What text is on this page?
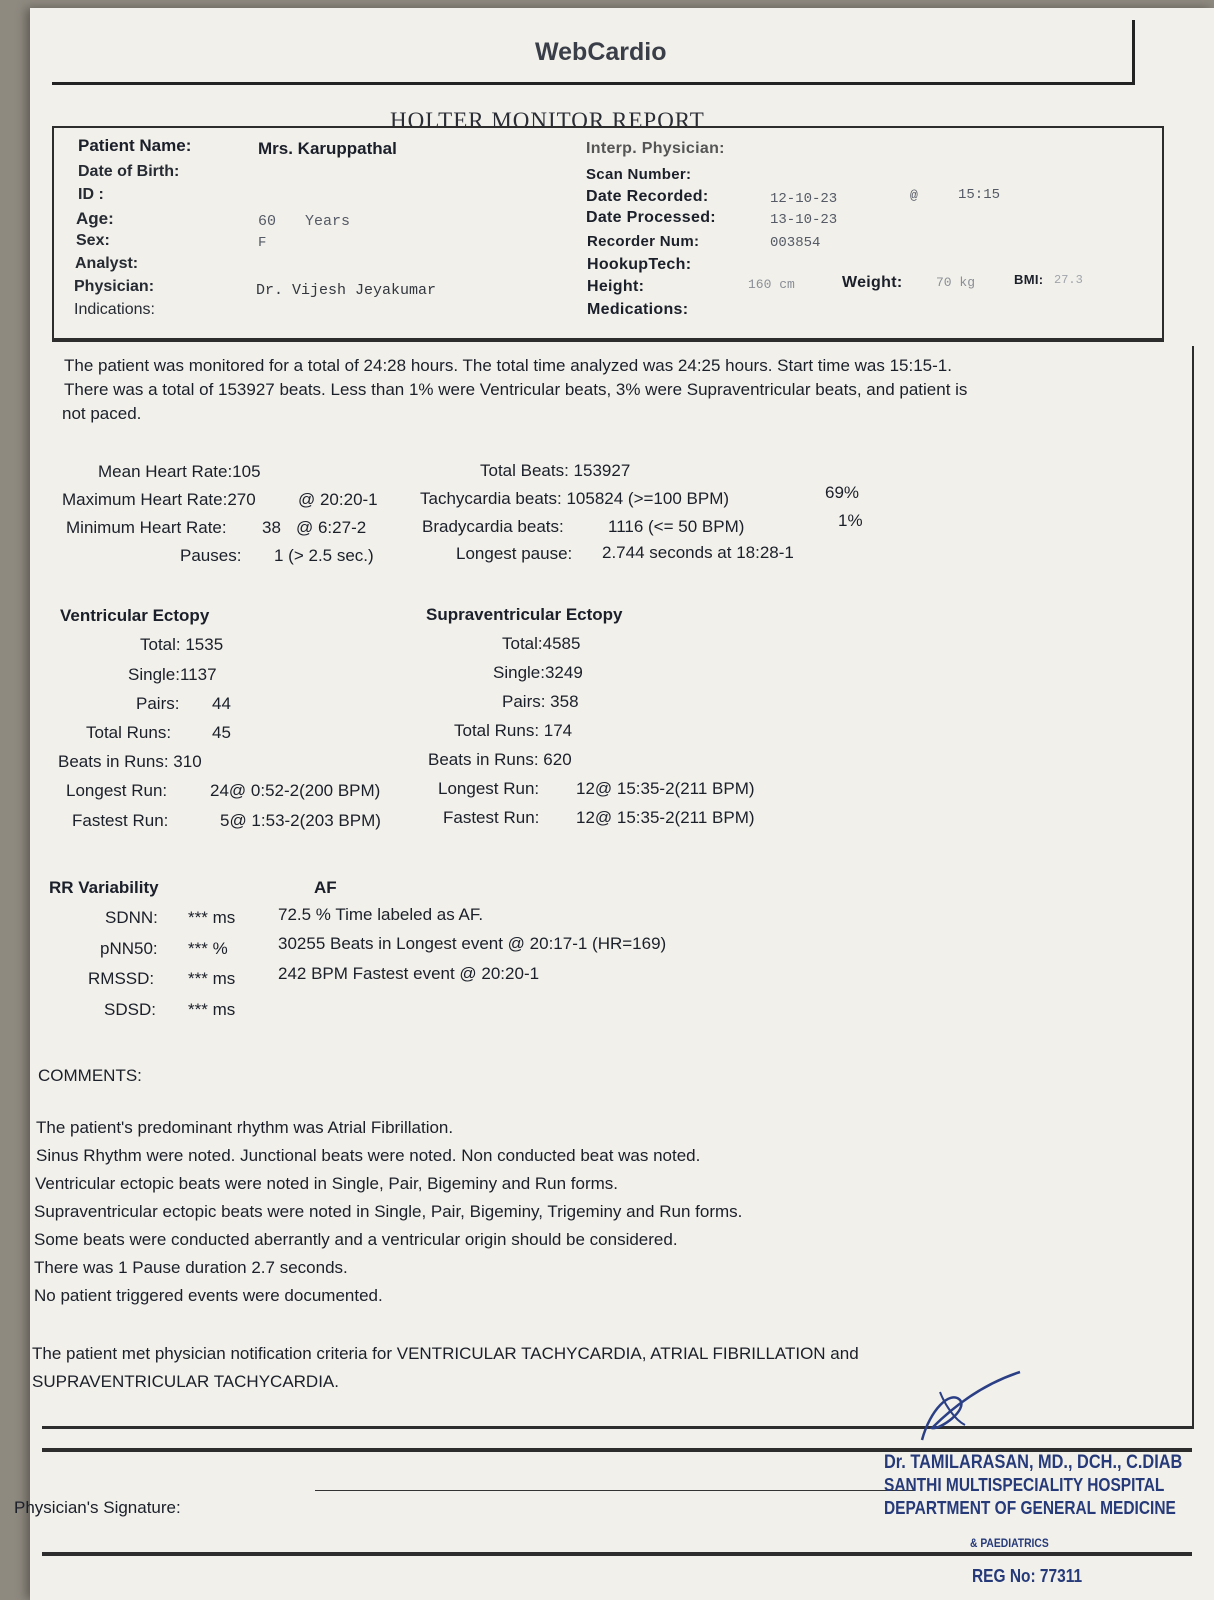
WebCardio
HOLTER MONITOR REPORT
Patient Name:	Mrs. Karuppathal
Date of Birth:
ID :
Age:	60 Years
Sex:	F
Analyst:
Physician:	Dr. Vijesh Jeyakumar
Indications:
Interp. Physician:
Scan Number:
Date Recorded:	12-10-23	@	15:15
Date Processed:	13-10-23
Recorder Num:	003854
HookupTech:
Height:	160 cm	Weight:	70 kg	BMI: 27.3
Medications:
The patient was monitored for a total of 24:28 hours. The total time analyzed was 24:25 hours. Start time was 15:15-1.
There was a total of 153927 beats. Less than 1% were Ventricular beats, 3% were Supraventricular beats, and patient is
not paced.
Mean Heart Rate:105
Maximum Heart Rate:270 @ 20:20-1
Minimum Heart Rate: 38 @ 6:27-2
Pauses: 1 (> 2.5 sec.)
Total Beats: 153927
Tachycardia beats: 105824 (>=100 BPM)	69%
Bradycardia beats:	1116 (<= 50 BPM)	1%
Longest pause: 2.744 seconds at 18:28-1
Ventricular Ectopy
Total: 1535
Single:1137
Pairs: 44
Total Runs: 45
Beats in Runs: 310
Longest Run:	24@ 0:52-2(200 BPM)
Fastest Run:	5@ 1:53-2(203 BPM)
Supraventricular Ectopy
Total:4585
Single:3249
Pairs: 358
Total Runs: 174
Beats in Runs: 620
Longest Run: 12@ 15:35-2(211 BPM)
Fastest Run: 12@ 15:35-2(211 BPM)
RR Variability
SDNN: *** ms
pNN50: *** %
RMSSD: *** ms
SDSD: *** ms
AF
72.5 % Time labeled as AF.
30255 Beats in Longest event @ 20:17-1 (HR=169)
242 BPM Fastest event @ 20:20-1
COMMENTS:
The patient's predominant rhythm was Atrial Fibrillation.
Sinus Rhythm were noted. Junctional beats were noted. Non conducted beat was noted.
Ventricular ectopic beats were noted in Single, Pair, Bigeminy and Run forms.
Supraventricular ectopic beats were noted in Single, Pair, Bigeminy, Trigeminy and Run forms.
Some beats were conducted aberrantly and a ventricular origin should be considered.
There was 1 Pause duration 2.7 seconds.
No patient triggered events were documented.
The patient met physician notification criteria for VENTRICULAR TACHYCARDIA, ATRIAL FIBRILLATION and
SUPRAVENTRICULAR TACHYCARDIA.
Physician's Signature:
Dr. TAMILARASAN, MD., DCH., C.DIAB
SANTHI MULTISPECIALITY HOSPITAL
DEPARTMENT OF GENERAL MEDICINE
& PAEDIATRICS
REG No: 77311
